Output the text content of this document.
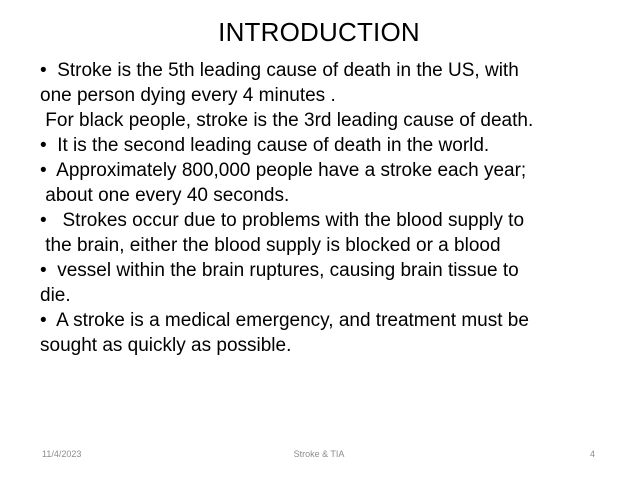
INTRODUCTION
•  Stroke is the 5th leading cause of death in the US, with
one person dying every 4 minutes .
For black people, stroke is the 3rd leading cause of death.
•  It is the second leading cause of death in the world.
•  Approximately 800,000 people have a stroke each year;
about one every 40 seconds.
•   Strokes occur due to problems with the blood supply to
the brain, either the blood supply is blocked or a blood
•  vessel within the brain ruptures, causing brain tissue to
die.
•  A stroke is a medical emergency, and treatment must be
sought as quickly as possible.
11/4/2023	Stroke & TIA	4
